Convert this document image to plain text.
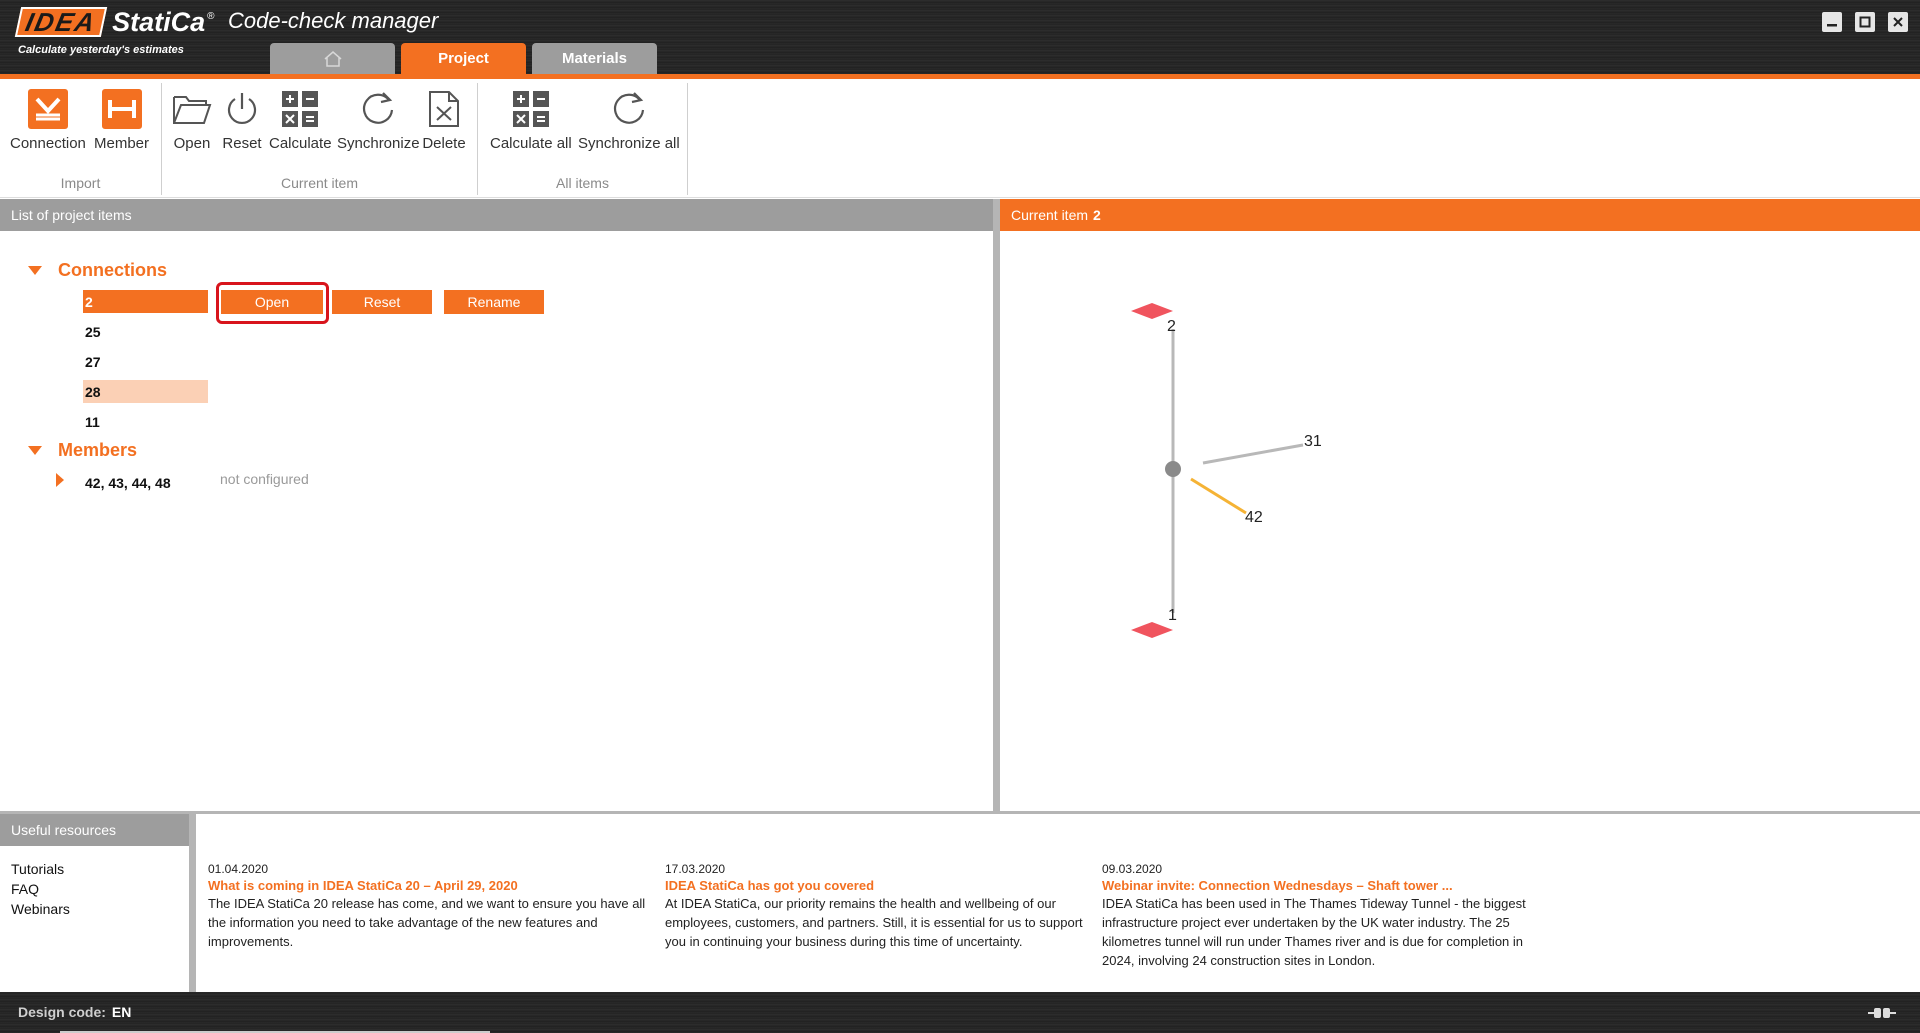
IDEA StatiCa ® Code-check manager
Calculate yesterday's estimates	Project	Materials
Connection Member
Import
Open Reset Calculate Synchronize Delete
Current item
Calculate all Synchronize all
All items
List of project items
Connections
2
25
27
28
11
Open	Reset	Rename
Members
42, 43, 44, 48	not configured
Current item 2
2
1
31
42
Useful resources
Tutorials
FAQ
Webinars
01.04.2020
What is coming in IDEA StatiCa 20 – April 29, 2020
The IDEA StatiCa 20 release has come, and we want to ensure you have all the information you need to take advantage of the new features and improvements.
17.03.2020
IDEA StatiCa has got you covered
At IDEA StatiCa, our priority remains the health and wellbeing of our employees, customers, and partners. Still, it is essential for us to support you in continuing your business during this time of uncertainty.
09.03.2020
Webinar invite: Connection Wednesdays – Shaft tower ...
IDEA StatiCa has been used in The Thames Tideway Tunnel - the biggest infrastructure project ever undertaken by the UK water industry. The 25 kilometres tunnel will run under Thames river and is due for completion in 2024, involving 24 construction sites in London.
Design code: EN
